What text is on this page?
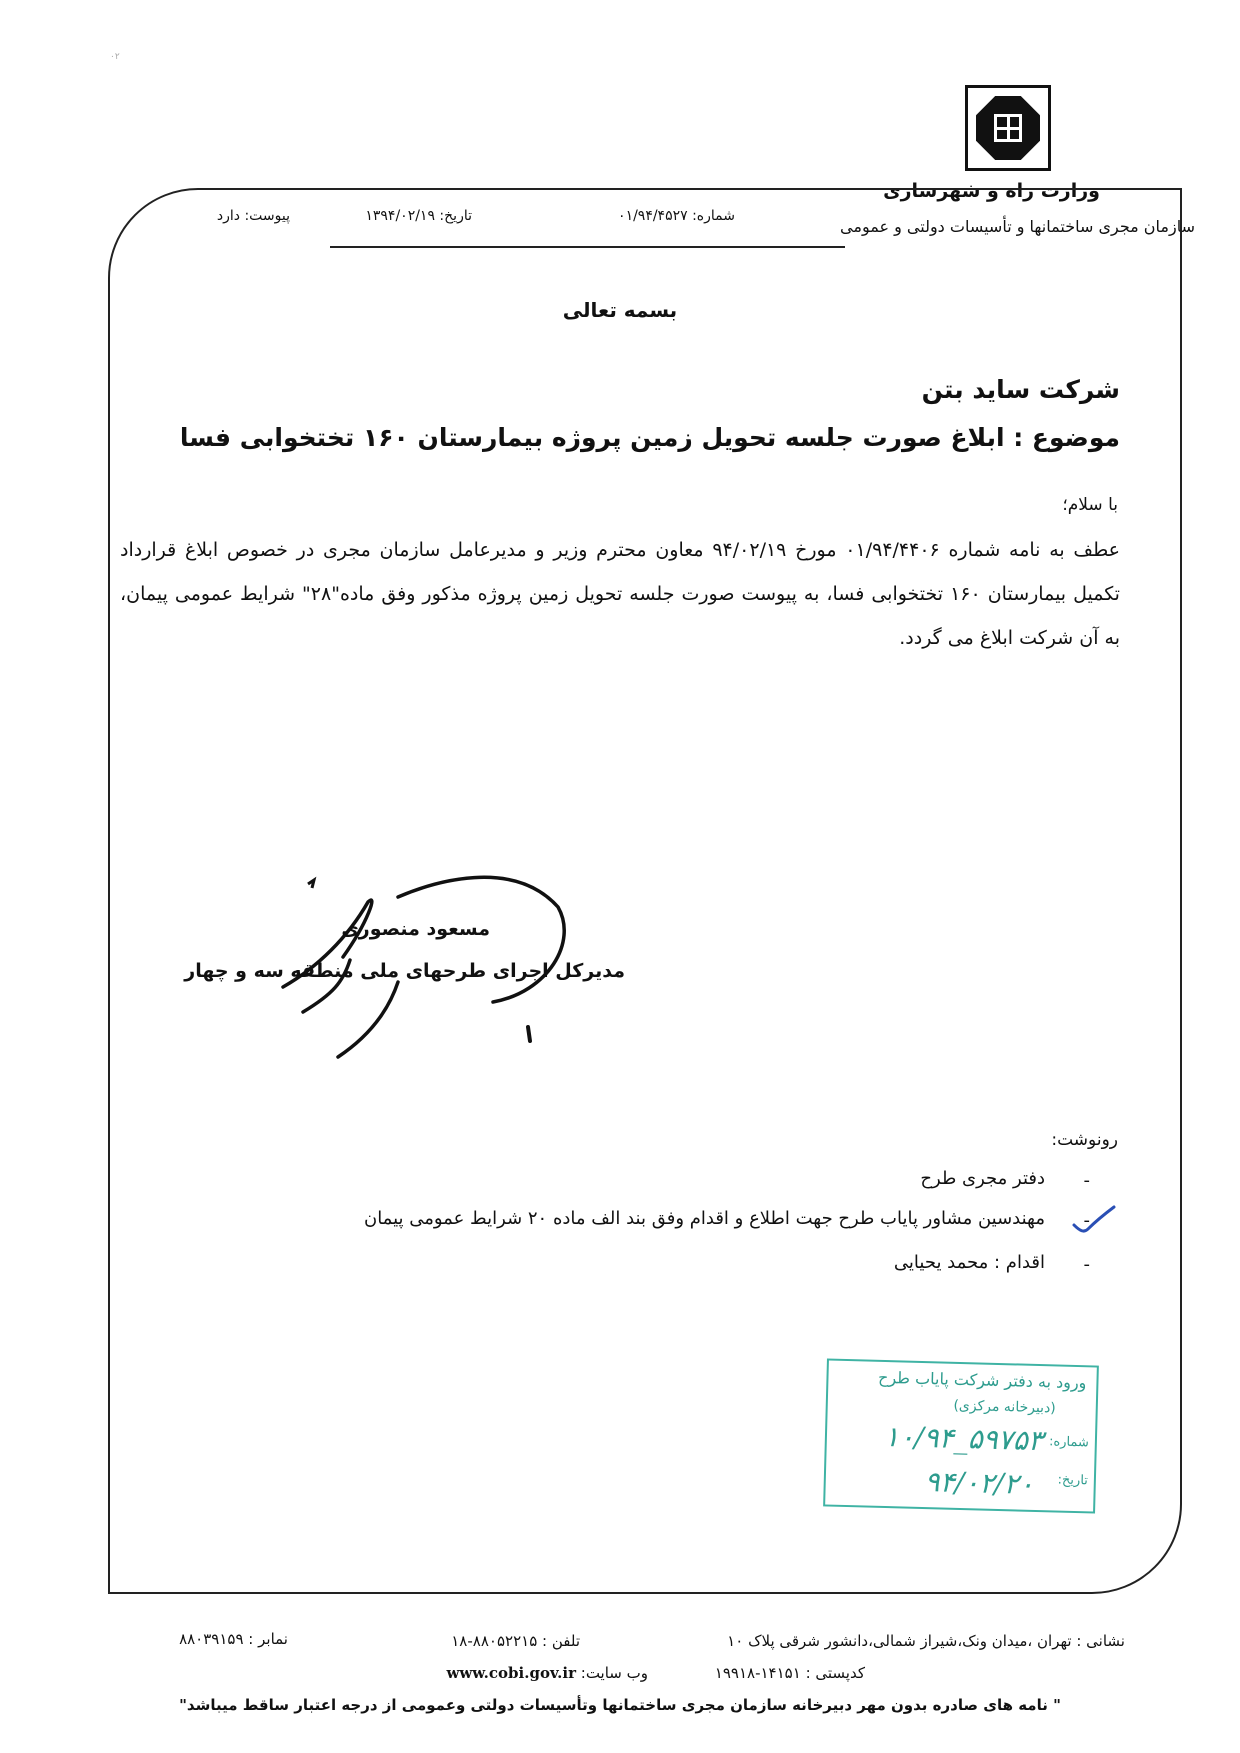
۰۲
وزارت راه و شهرسازی
سازمان مجری ساختمانها و تأسیسات دولتی و عمومی
شماره: ۰۱/۹۴/۴۵۲۷
تاریخ: ۱۳۹۴/۰۲/۱۹
پیوست: دارد
بسمه تعالی
شرکت ساید بتن
موضوع : ابلاغ صورت جلسه تحویل زمین پروژه بیمارستان ۱۶۰ تختخوابی فسا
با سلام؛
عطف به نامه شماره ۰۱/۹۴/۴۴۰۶ مورخ ۹۴/۰۲/۱۹ معاون محترم وزیر و مدیرعامل سازمان مجری در خصوص ابلاغ قرارداد تکمیل بیمارستان ۱۶۰ تختخوابی فسا، به پیوست صورت جلسه تحویل زمین پروژه مذکور وفق ماده"۲۸" شرایط عمومی پیمان، به آن شرکت ابلاغ می گردد.
مسعود منصوری
مدیرکل اجرای طرحهای ملی منطقه سه و چهار
رونوشت:
دفتر مجری طرح -
مهندسین مشاور پایاب طرح جهت اطلاع و اقدام وفق بند الف ماده ۲۰ شرایط عمومی پیمان -
اقدام : محمد یحیایی -
ورود به دفتر شرکت پایاب طرح
(دبیرخانه مرکزی)
شماره:
۱۰/۹۴_۵۹۷۵۳
تاریخ:
۹۴/۰۲/۲۰
نشانی : تهران ،میدان ونک،شیراز شمالی،دانشور شرقی پلاک ۱۰
تلفن : ۸۸۰۵۲۲۱۵-۱۸
نمابر : ۸۸۰۳۹۱۵۹
کدپستی : ۱۴۱۵۱-۱۹۹۱۸
وب سایت: www.cobi.gov.ir
" نامه های صادره بدون مهر دبیرخانه سازمان مجری ساختمانها وتأسیسات دولتی وعمومی از درجه اعتبار ساقط میباشد"
